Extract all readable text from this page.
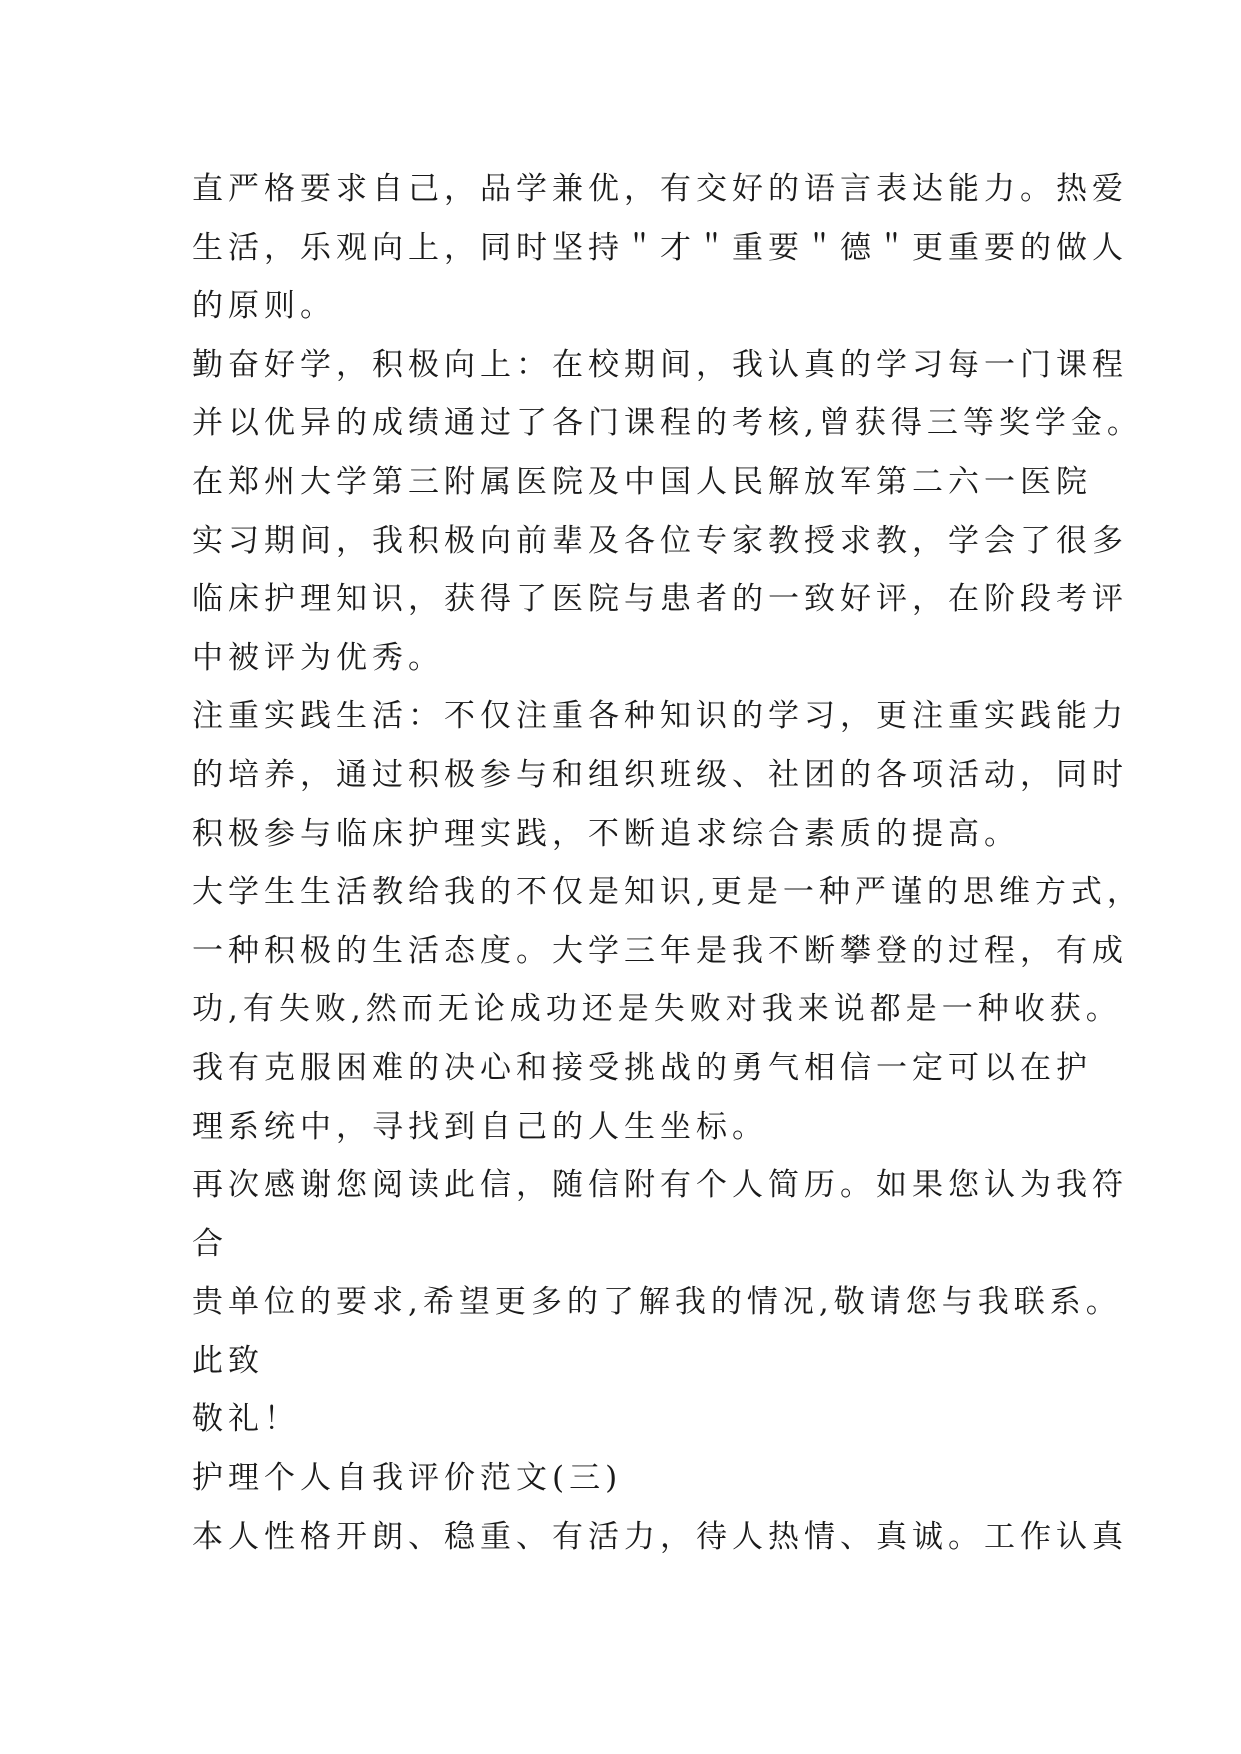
直严格要求自己，品学兼优，有交好的语言表达能力。热爱
生活，乐观向上，同时坚持＂才＂重要＂德＂更重要的做人
的原则。
勤奋好学，积极向上：在校期间，我认真的学习每一门课程
并以优异的成绩通过了各门课程的考核,曾获得三等奖学金。
在郑州大学第三附属医院及中国人民解放军第二六一医院
实习期间，我积极向前辈及各位专家教授求教，学会了很多
临床护理知识，获得了医院与患者的一致好评，在阶段考评
中被评为优秀。
注重实践生活：不仅注重各种知识的学习，更注重实践能力
的培养，通过积极参与和组织班级、社团的各项活动，同时
积极参与临床护理实践，不断追求综合素质的提高。
大学生生活教给我的不仅是知识,更是一种严谨的思维方式，
一种积极的生活态度。大学三年是我不断攀登的过程，有成
功,有失败,然而无论成功还是失败对我来说都是一种收获。
我有克服困难的决心和接受挑战的勇气相信一定可以在护
理系统中，寻找到自己的人生坐标。
再次感谢您阅读此信，随信附有个人简历。如果您认为我符
合
贵单位的要求,希望更多的了解我的情况,敬请您与我联系。
此致
敬礼！
护理个人自我评价范文(三)
本人性格开朗、稳重、有活力，待人热情、真诚。工作认真
